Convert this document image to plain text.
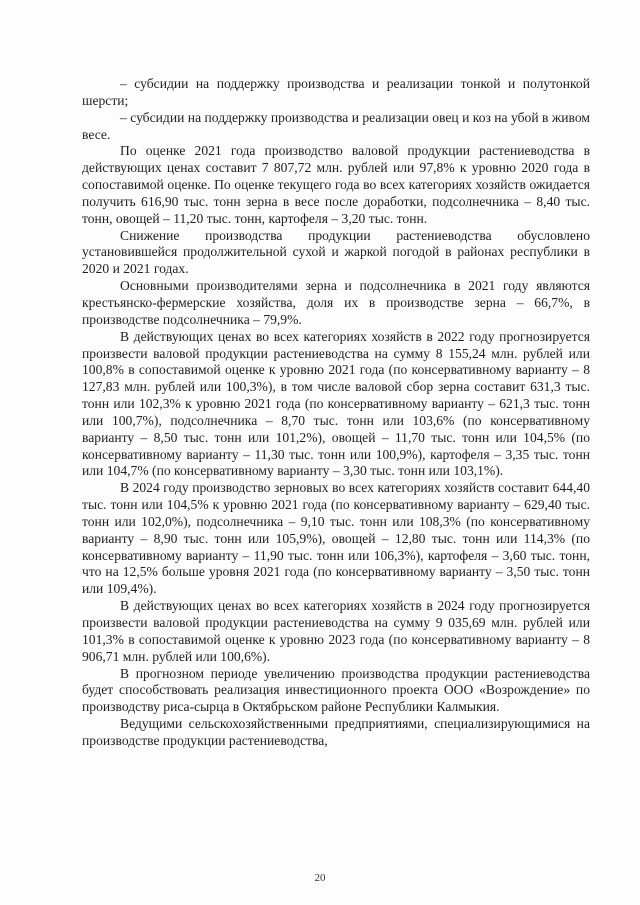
– субсидии на поддержку производства и реализации тонкой и полутонкой шерсти;

– субсидии на поддержку производства и реализации овец и коз на убой в живом весе.

По оценке 2021 года производство валовой продукции растениеводства в действующих ценах составит 7 807,72 млн. рублей или 97,8% к уровню 2020 года в сопоставимой оценке. По оценке текущего года во всех категориях хозяйств ожидается получить 616,90 тыс. тонн зерна в весе после доработки, подсолнечника – 8,40 тыс. тонн, овощей – 11,20 тыс. тонн, картофеля – 3,20 тыс. тонн.

Снижение производства продукции растениеводства обусловлено установившейся продолжительной сухой и жаркой погодой в районах республики в 2020 и 2021 годах.

Основными производителями зерна и подсолнечника в 2021 году являются крестьянско-фермерские хозяйства, доля их в производстве зерна – 66,7%, в производстве подсолнечника – 79,9%.

В действующих ценах во всех категориях хозяйств в 2022 году прогнозируется произвести валовой продукции растениеводства на сумму 8 155,24 млн. рублей или 100,8% в сопоставимой оценке к уровню 2021 года (по консервативному варианту – 8 127,83 млн. рублей или 100,3%), в том числе валовой сбор зерна составит 631,3 тыс. тонн или 102,3% к уровню 2021 года (по консервативному варианту – 621,3 тыс. тонн или 100,7%), подсолнечника – 8,70 тыс. тонн или 103,6% (по консервативному варианту – 8,50 тыс. тонн или 101,2%), овощей – 11,70 тыс. тонн или 104,5% (по консервативному варианту – 11,30 тыс. тонн или 100,9%), картофеля – 3,35 тыс. тонн или 104,7% (по консервативному варианту – 3,30 тыс. тонн или 103,1%).

В 2024 году производство зерновых во всех категориях хозяйств составит 644,40 тыс. тонн или 104,5% к уровню 2021 года (по консервативному варианту – 629,40 тыс. тонн или 102,0%), подсолнечника – 9,10 тыс. тонн или 108,3% (по консервативному варианту – 8,90 тыс. тонн или 105,9%), овощей – 12,80 тыс. тонн или 114,3% (по консервативному варианту – 11,90 тыс. тонн или 106,3%), картофеля – 3,60 тыс. тонн, что на 12,5% больше уровня 2021 года (по консервативному варианту – 3,50 тыс. тонн или 109,4%).

В действующих ценах во всех категориях хозяйств в 2024 году прогнозируется произвести валовой продукции растениеводства на сумму 9 035,69 млн. рублей или 101,3% в сопоставимой оценке к уровню 2023 года (по консервативному варианту – 8 906,71 млн. рублей или 100,6%).

В прогнозном периоде увеличению производства продукции растениеводства будет способствовать реализация инвестиционного проекта ООО «Возрождение» по производству риса-сырца в Октябрьском районе Республики Калмыкия.

Ведущими сельскохозяйственными предприятиями, специализирующимися на производстве продукции растениеводства,

20
